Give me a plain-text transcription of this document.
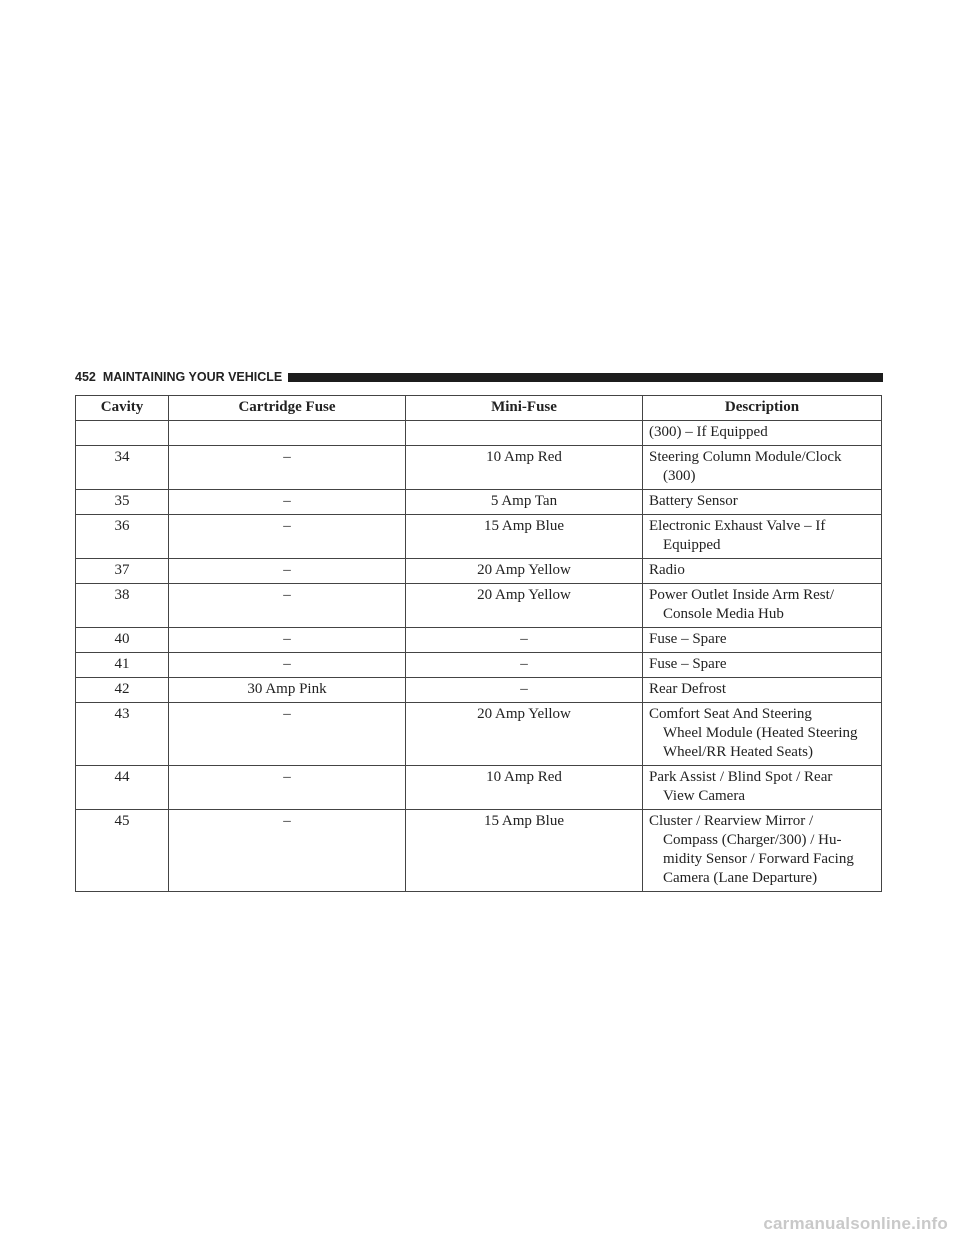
452 MAINTAINING YOUR VEHICLE
Cavity	Cartridge Fuse	Mini-Fuse	Description

			(300) – If Equipped

34	–	10 Amp Red	Steering Column Module/Clock
(300)

35	–	5 Amp Tan	Battery Sensor

36	–	15 Amp Blue	Electronic Exhaust Valve – If
Equipped

37	–	20 Amp Yellow	Radio

38	–	20 Amp Yellow	Power Outlet Inside Arm Rest/
Console Media Hub

40	–	–	Fuse – Spare

41	–	–	Fuse – Spare

42	30 Amp Pink	–	Rear Defrost

43	–	20 Amp Yellow	Comfort Seat And Steering
Wheel Module (Heated Steering
Wheel/RR Heated Seats)

44	–	10 Amp Red	Park Assist / Blind Spot / Rear
View Camera

45	–	15 Amp Blue	Cluster / Rearview Mirror /
Compass (Charger/300) / Hu-
midity Sensor / Forward Facing
Camera (Lane Departure)
carmanualsonline.info
